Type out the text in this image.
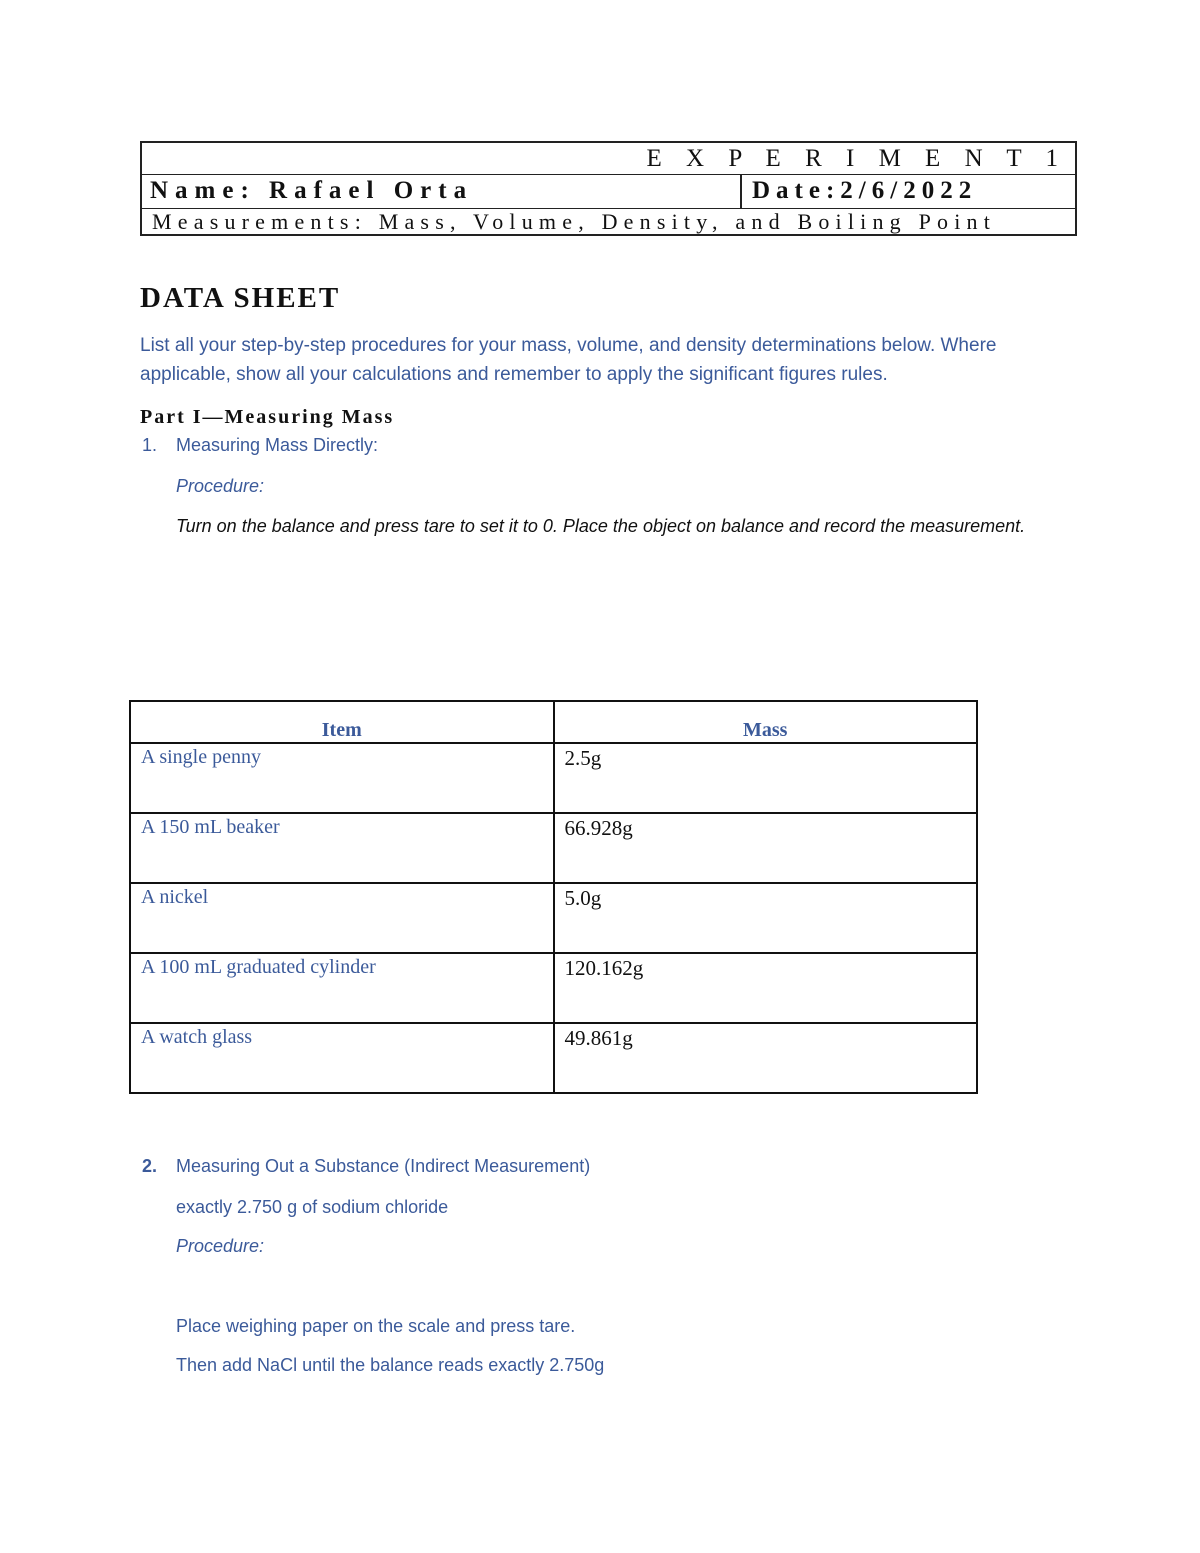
E X P E R I M E N T 1
Name: Rafael Orta	Date:2/6/2022
Measurements: Mass, Volume, Density, and Boiling Point
DATA SHEET
List all your step-by-step procedures for your mass, volume, and density determinations below. Where applicable, show all your calculations and remember to apply the significant figures rules.
Part I—Measuring Mass
1. Measuring Mass Directly:
Procedure:
Turn on the balance and press tare to set it to 0. Place the object on balance and record the measurement.
Item	Mass
A single penny	2.5g
A 150 mL beaker	66.928g
A nickel	5.0g
A 100 mL graduated cylinder	120.162g
A watch glass	49.861g
2. Measuring Out a Substance (Indirect Measurement)
exactly 2.750 g of sodium chloride
Procedure:
Place weighing paper on the scale and press tare.
Then add NaCl until the balance reads exactly 2.750g
